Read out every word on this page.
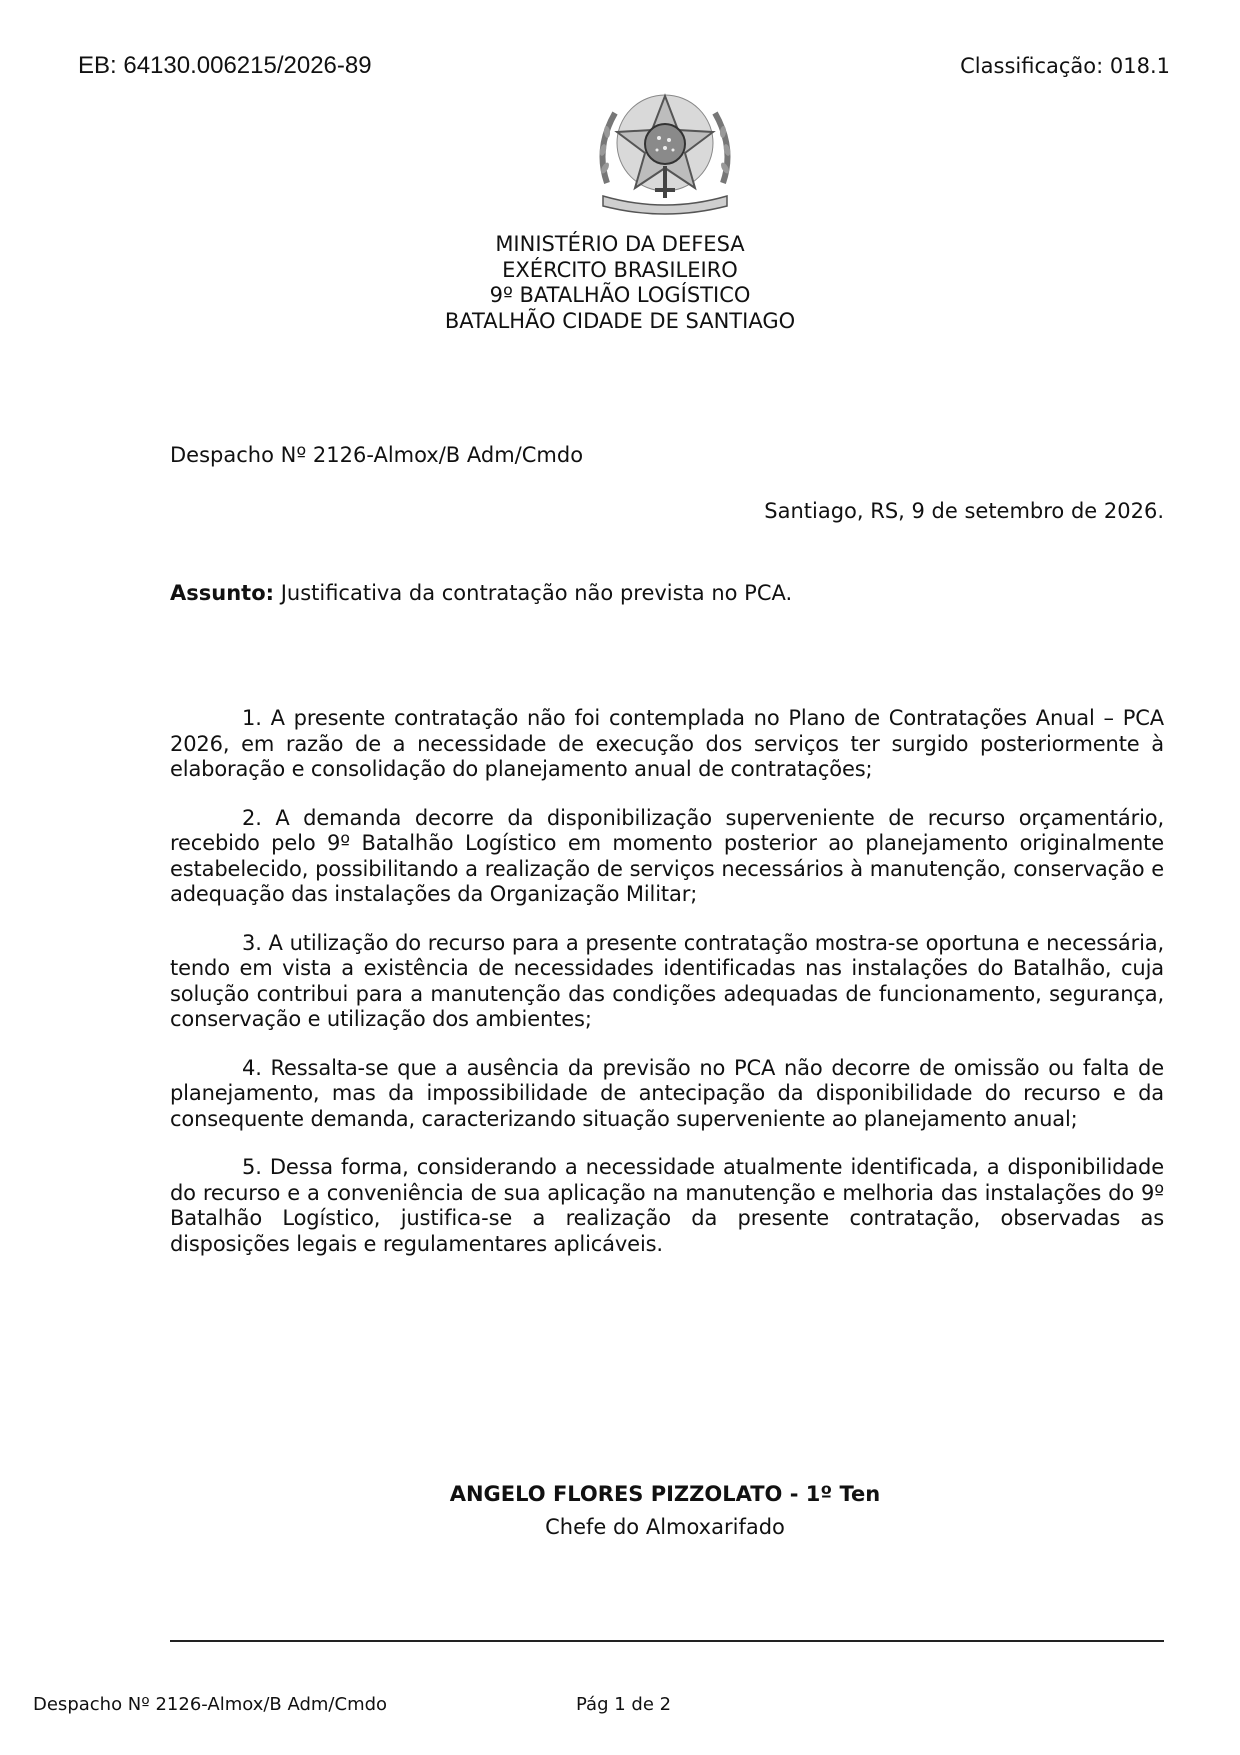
EB: 64130.006215/2026-89	Classificação: 018.1
MINISTÉRIO DA DEFESA
EXÉRCITO BRASILEIRO
9º BATALHÃO LOGÍSTICO
BATALHÃO CIDADE DE SANTIAGO
Despacho Nº 2126-Almox/B Adm/Cmdo
Santiago, RS, 9 de setembro de 2026.
Assunto: Justificativa da contratação não prevista no PCA.

1. A presente contratação não foi contemplada no Plano de Contratações Anual – PCA 2026, em razão de a necessidade de execução dos serviços ter surgido posteriormente à elaboração e consolidação do planejamento anual de contratações;

2. A demanda decorre da disponibilização superveniente de recurso orçamentário, recebido pelo 9º Batalhão Logístico em momento posterior ao planejamento originalmente estabelecido, possibilitando a realização de serviços necessários à manutenção, conservação e adequação das instalações da Organização Militar;

3. A utilização do recurso para a presente contratação mostra-se oportuna e necessária, tendo em vista a existência de necessidades identificadas nas instalações do Batalhão, cuja solução contribui para a manutenção das condições adequadas de funcionamento, segurança, conservação e utilização dos ambientes;

4. Ressalta-se que a ausência da previsão no PCA não decorre de omissão ou falta de planejamento, mas da impossibilidade de antecipação da disponibilidade do recurso e da consequente demanda, caracterizando situação superveniente ao planejamento anual;

5. Dessa forma, considerando a necessidade atualmente identificada, a disponibilidade do recurso e a conveniência de sua aplicação na manutenção e melhoria das instalações do 9º Batalhão Logístico, justifica-se a realização da presente contratação, observadas as disposições legais e regulamentares aplicáveis.

ANGELO FLORES PIZZOLATO - 1º Ten
Chefe do Almoxarifado
Despacho Nº 2126-Almox/B Adm/Cmdo	Pág 1 de 2
